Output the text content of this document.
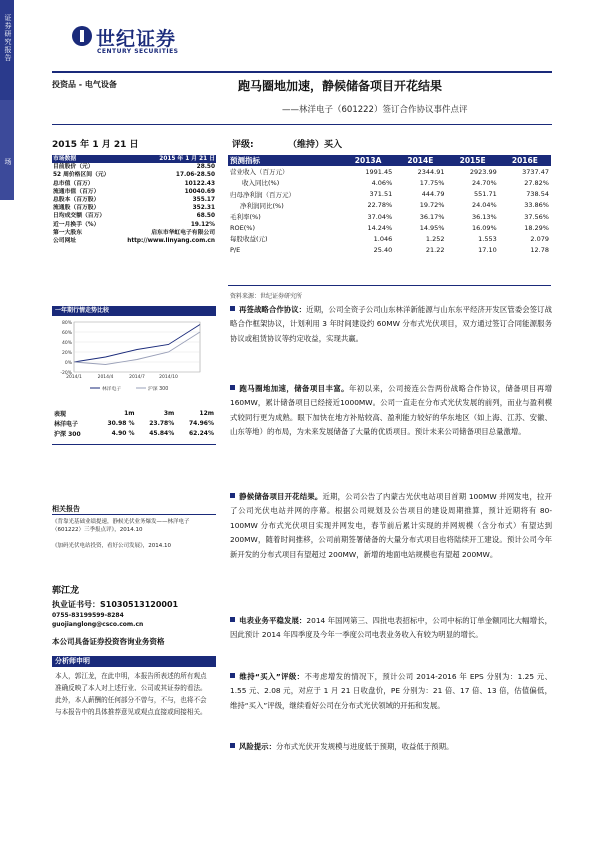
证券研究报告
中国A股市场
世纪证券
CENTURY SECURITIES
投资品 - 电气设备	跑马圈地加速，静候储备项目开花结果
——林洋电子（601222）签订合作协议事件点评
2015 年 1 月 21 日	评级:	（维持）买入
市场数据	2015 年 1 月 21 日
目前股价（元）	28.50
52 周价格区间（元）	17.06-28.50
总市值（百万）	10122.43
流通市值（百万）	10040.69
总股本（百万股）	355.17
流通股（百万股）	352.31
日均成交额（百万）	68.50
近一月换手（%）	19.12%
第一大股东	启东市华虹电子有限公司
公司网址	http://www.linyang.com.cn
预测指标	2013A	2014E	2015E	2016E
营业收入（百万元）	1991.45	2344.91	2923.99	3737.47
收入同比(%)	4.06%	17.75%	24.70%	27.82%
归母净利润（百万元）	371.51	444.79	551.71	738.54
净利润同比(%)	22.78%	19.72%	24.04%	33.86%
毛利率(%)	37.04%	36.17%	36.13%	37.56%
ROE(%)	14.24%	14.95%	16.09%	18.29%
每股收益(元)	1.046	1.252	1.553	2.079
P/E	25.40	21.22	17.10	12.78
资料来源：世纪证券研究所
一年期行情走势比较
80%
60%
40%
20%
0%
-20%
2014/1	2014/4	2014/7	2014/10
林洋电子	沪深 300
表现	1m	3m	12m
林洋电子	30.98 %	23.78%	74.96%
沪深 300	4.90 %	45.84%	62.24%
相关报告
《背靠光基础业绩提速，静候光伏业务爆发——林洋电子（601222）三季报点评》，2014.10
《加码光伏电站投资，看好公司发展》，2014.10
郭江龙
执业证书号：S1030513120001
0755-83199599-8284
guojianglong@csco.com.cn
本公司具备证券投资咨询业务资格
分析师申明
本人，郭江龙，在此申明，本报告所表述的所有观点准确反映了本人对上述行业、公司或其证券的看法。此外，本人薪酬的任何部分不曾与，不与，也将不会与本报告中的具体推荐意见或观点直接或间接相关。
再签战略合作协议：近期，公司全资子公司山东林洋新能源与山东东平经济开发区管委会签订战略合作框架协议，计划利用 3 年时间建设约 60MW 分布式光伏项目，双方通过签订合同能源服务协议或租赁协议等约定收益，实现共赢。
跑马圈地加速，储备项目丰富。年初以来，公司接连公告两份战略合作协议，储备项目再增 160MW，累计储备项目已经接近1000MW。公司一直走在分布式光伏发展的前列，而业与盈利模式较同行更为成熟。眼下加快在地方补贴较高、盈利能力较好的华东地区（如上海、江苏、安徽、山东等地）的布局，为未来发展储备了大量的优质项目。预计未来公司储备项目总量激增。
静候储备项目开花结果。近期，公司公告了内蒙古光伏电站项目首期 100MW 并网发电，拉开了公司光伏电站并网的序幕。根据公司规划及公告项目的建设周期推算，预计近期将有 80-100MW 分布式光伏项目实现并网发电，春节前后累计实现的并网规模（含分布式）有望达到 200MW，随着时间推移，公司前期签署储备的大量分布式项目也将陆续开工建设。预计公司今年新开发的分布式项目有望超过 200MW，新增的地面电站规模也有望超 200MW。
电表业务平稳发展：2014 年国网第三、四批电表招标中，公司中标的订单金额同比大幅增长，因此预计 2014 年四季度及今年一季度公司电表业务收入有较为明显的增长。
维持“买入”评级：不考虑增发的情况下，预计公司 2014-2016 年 EPS 分别为：1.25 元、1.55 元、2.08 元，对应于 1 月 21 日收盘价，PE 分别为：21 倍、17 倍、13 倍，估值偏低，维持“买入”评级，继续看好公司在分布式光伏领域的开拓和发展。
风险提示：分布式光伏开发规模与进度低于预期，收益低于预期。
